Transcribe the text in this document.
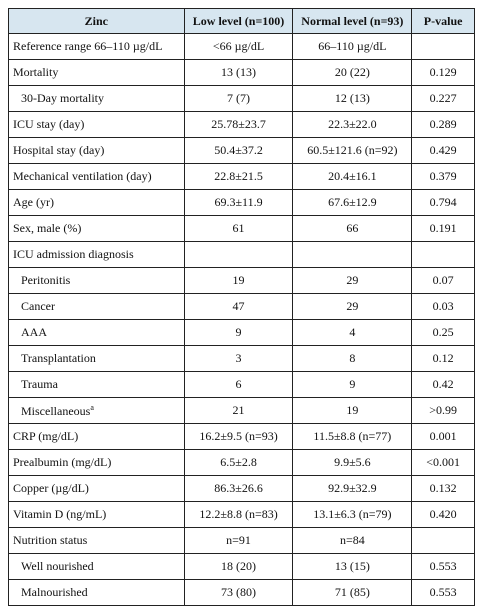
Zinc	Low level (n=100)	Normal level (n=93)	P-value
Reference range 66–110 µg/dL	<66 µg/dL	66–110 µg/dL	
Mortality	13 (13)	20 (22)	0.129
30-Day mortality	7 (7)	12 (13)	0.227
ICU stay (day)	25.78±23.7	22.3±22.0	0.289
Hospital stay (day)	50.4±37.2	60.5±121.6 (n=92)	0.429
Mechanical ventilation (day)	22.8±21.5	20.4±16.1	0.379
Age (yr)	69.3±11.9	67.6±12.9	0.794
Sex, male (%)	61	66	0.191
ICU admission diagnosis			
Peritonitis	19	29	0.07
Cancer	47	29	0.03
AAA	9	4	0.25
Transplantation	3	8	0.12
Trauma	6	9	0.42
Miscellaneous$^a$	21	19	>0.99
CRP (mg/dL)	16.2±9.5 (n=93)	11.5±8.8 (n=77)	0.001
Prealbumin (mg/dL)	6.5±2.8	9.9±5.6	<0.001
Copper (µg/dL)	86.3±26.6	92.9±32.9	0.132
Vitamin D (ng/mL)	12.2±8.8 (n=83)	13.1±6.3 (n=79)	0.420
Nutrition status	n=91	n=84	
Well nourished	18 (20)	13 (15)	0.553
Malnourished	73 (80)	71 (85)	0.553
